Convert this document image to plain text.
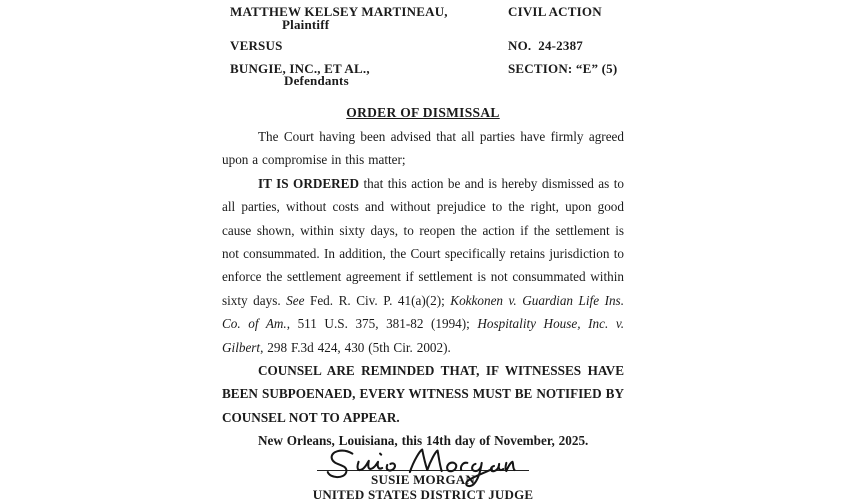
MATTHEW KELSEY MARTINEAU,

Plaintiff

VERSUS

BUNGIE, INC., ET AL.,

Defendants

CIVIL ACTION

NO.  24-2387

SECTION: “E” (5)

ORDER OF DISMISSAL

The Court having been advised that all parties have firmly agreed upon a compromise in this matter;

IT IS ORDERED that this action be and is hereby dismissed as to all parties, without costs and without prejudice to the right, upon good cause shown, within sixty days, to reopen the action if the settlement is not consummated. In addition, the Court specifically retains jurisdiction to enforce the settlement agreement if settlement is not consummated within sixty days. See Fed. R. Civ. P. 41(a)(2); Kokkonen v. Guardian Life Ins. Co. of Am., 511 U.S. 375, 381-82 (1994); Hospitality House, Inc. v. Gilbert, 298 F.3d 424, 430 (5th Cir. 2002).

COUNSEL ARE REMINDED THAT, IF WITNESSES HAVE BEEN SUBPOENAED, EVERY WITNESS MUST BE NOTIFIED BY COUNSEL NOT TO APPEAR.

New Orleans, Louisiana, this 14th day of November, 2025.

SUSIE MORGAN
UNITED STATES DISTRICT JUDGE
